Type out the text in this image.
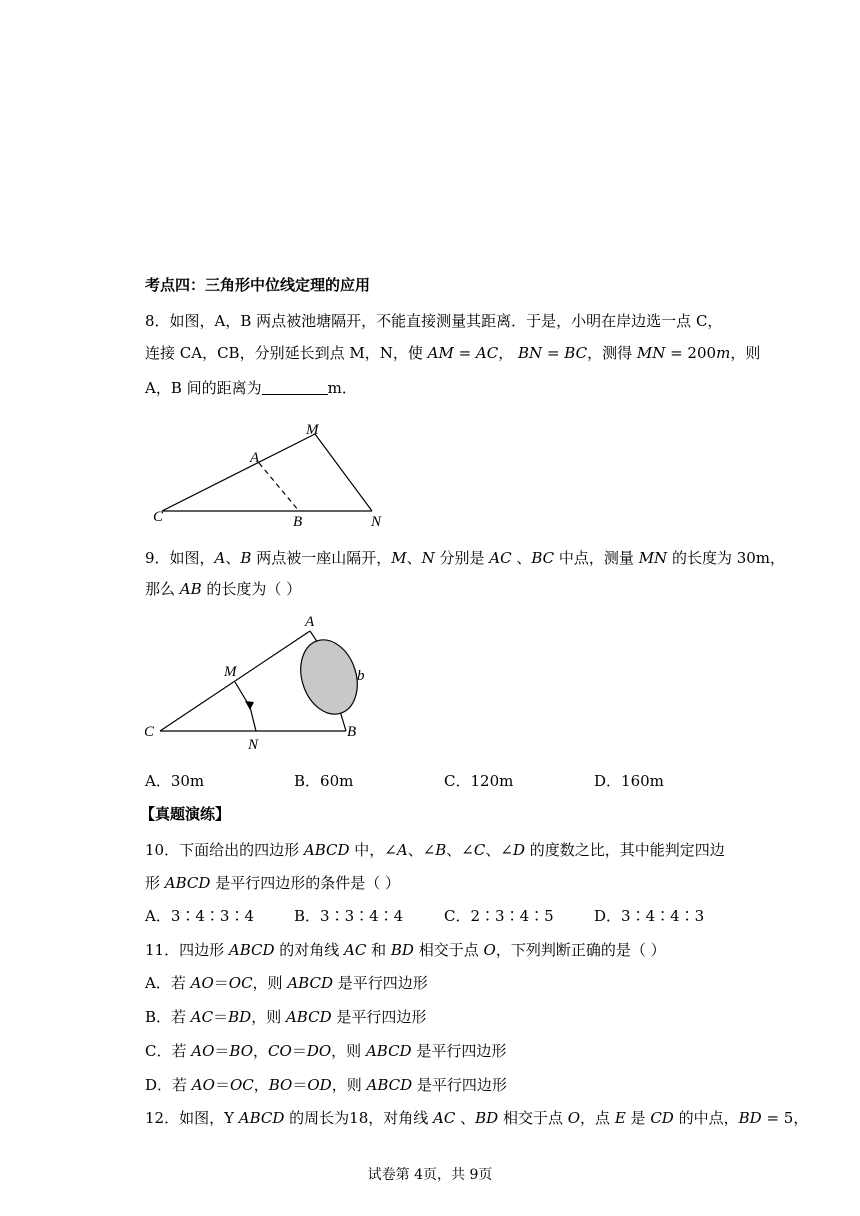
考点四：三角形中位线定理的应用
8．如图，A，B 两点被池塘隔开，不能直接测量其距离．于是，小明在岸边选一点 C，
连接 CA，CB，分别延长到点 M，N，使 AM = AC， BN = BC，测得 MN = 200m，则
A，B 间的距离为	m．
M
A
C	B	N
9．如图，A、B 两点被一座山隔开，M、N 分别是 AC 、BC 中点，测量 MN 的长度为 30m，
那么 AB 的长度为（ ）
A
M	b
C
N
B
A．30m	B．60m	C．120m	D．160m
【真题演练】
10．下面给出的四边形 ABCD 中，∠A、∠B、∠C、∠D 的度数之比，其中能判定四边
形 ABCD 是平行四边形的条件是（ ）
A．3∶4∶3∶4	B．3∶3∶4∶4	C．2∶3∶4∶5	D．3∶4∶4∶3
11．四边形 ABCD 的对角线 AC 和 BD 相交于点 O，下列判断正确的是（ ）
A．若 AO＝OC，则 ABCD 是平行四边形
B．若 AC＝BD，则 ABCD 是平行四边形
C．若 AO＝BO，CO＝DO，则 ABCD 是平行四边形
D．若 AO＝OC，BO＝OD，则 ABCD 是平行四边形
12．如图，Y ABCD 的周长为18，对角线 AC 、BD 相交于点 O，点 E 是 CD 的中点，BD = 5，
试卷第 4页，共 9页
